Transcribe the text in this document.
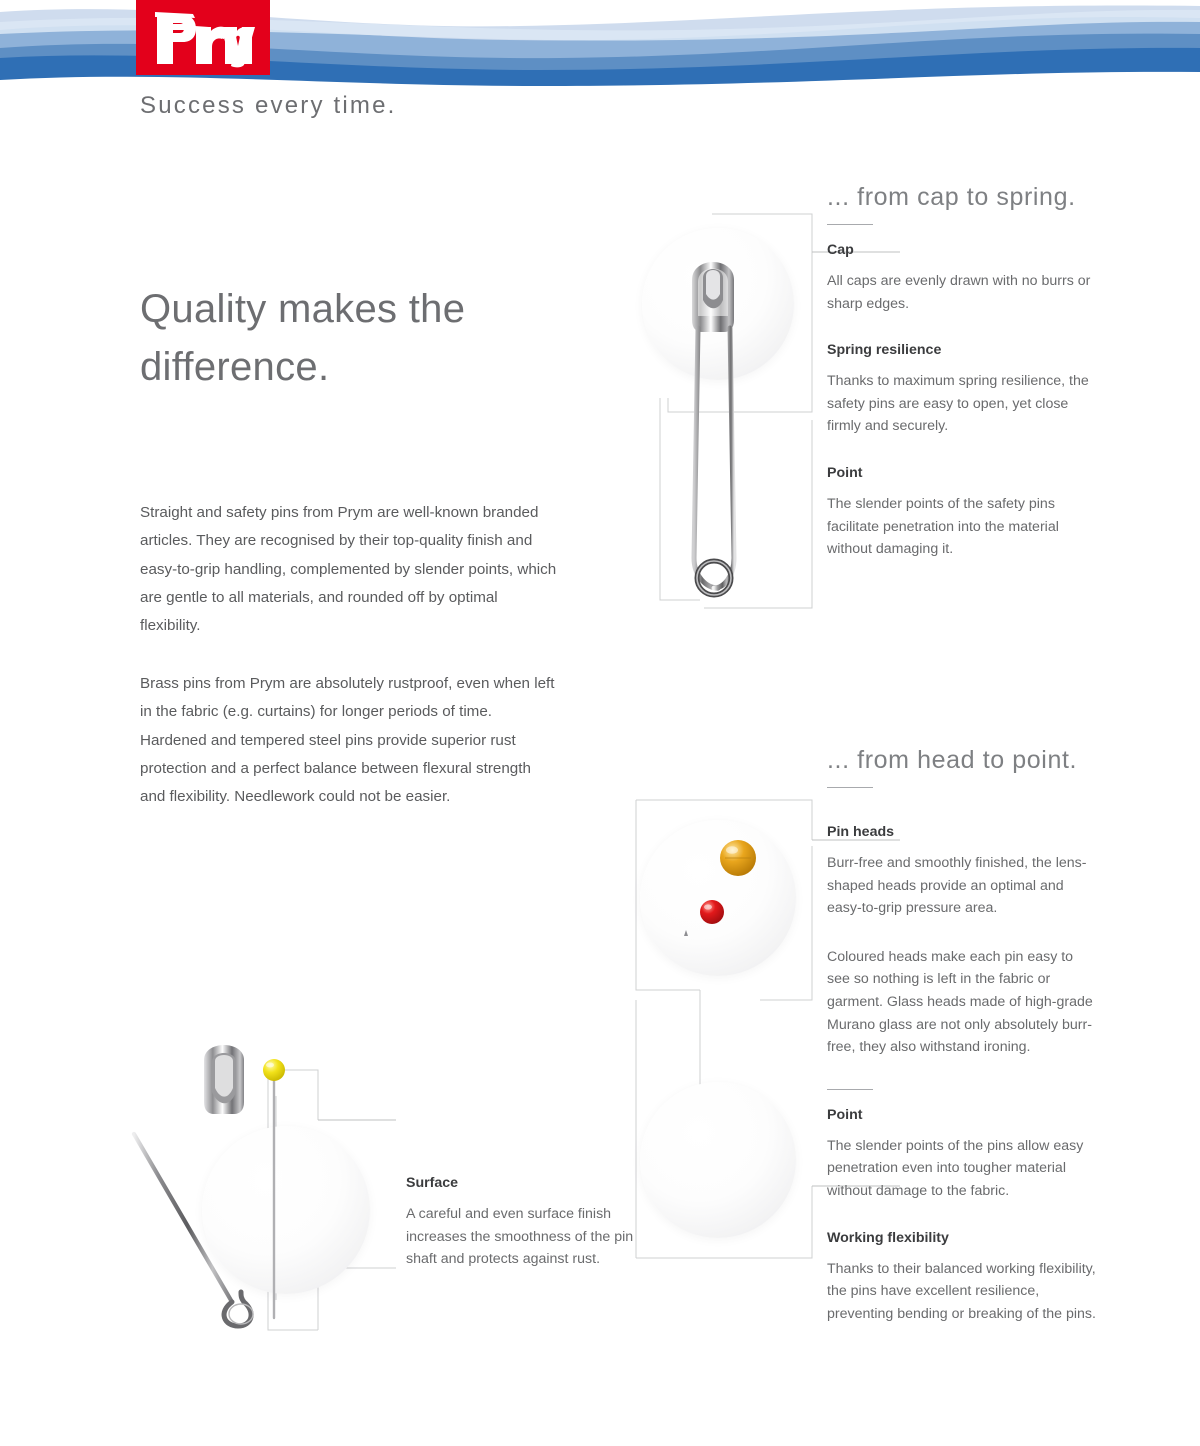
Success every time.
Quality makes the difference.

Straight and safety pins from Prym are well-known branded articles. They are recognised by their top-quality finish and easy-to-grip handling, complemented by slender points, which are gentle to all materials, and rounded off by optimal flexibility.

Brass pins from Prym are absolutely rustproof, even when left in the fabric (e.g. curtains) for longer periods of time. Hardened and tempered steel pins provide superior rust protection and a perfect balance between flexural strength and flexibility. Needlework could not be easier.

... from cap to spring.
Cap

All caps are evenly drawn with no burrs or sharp edges.

Spring resilience

Thanks to maximum spring resilience, the safety pins are easy to open, yet close firmly and securely.

Point

The slender points of the safety pins facilitate penetration into the material without damaging it.

... from head to point.
Pin heads

Burr-free and smoothly finished, the lens-shaped heads provide an optimal and easy-to-grip pressure area.

Coloured heads make each pin easy to see so nothing is left in the fabric or garment. Glass heads made of high-grade Murano glass are not only absolutely burr-free, they also withstand ironing.

Point

The slender points of the pins allow easy penetration even into tougher material without damage to the fabric.

Working flexibility

Thanks to their balanced working flexibility, the pins have excellent resilience, preventing bending or breaking of the pins.

Surface

A careful and even surface finish increases the smoothness of the pin shaft and protects against rust.
